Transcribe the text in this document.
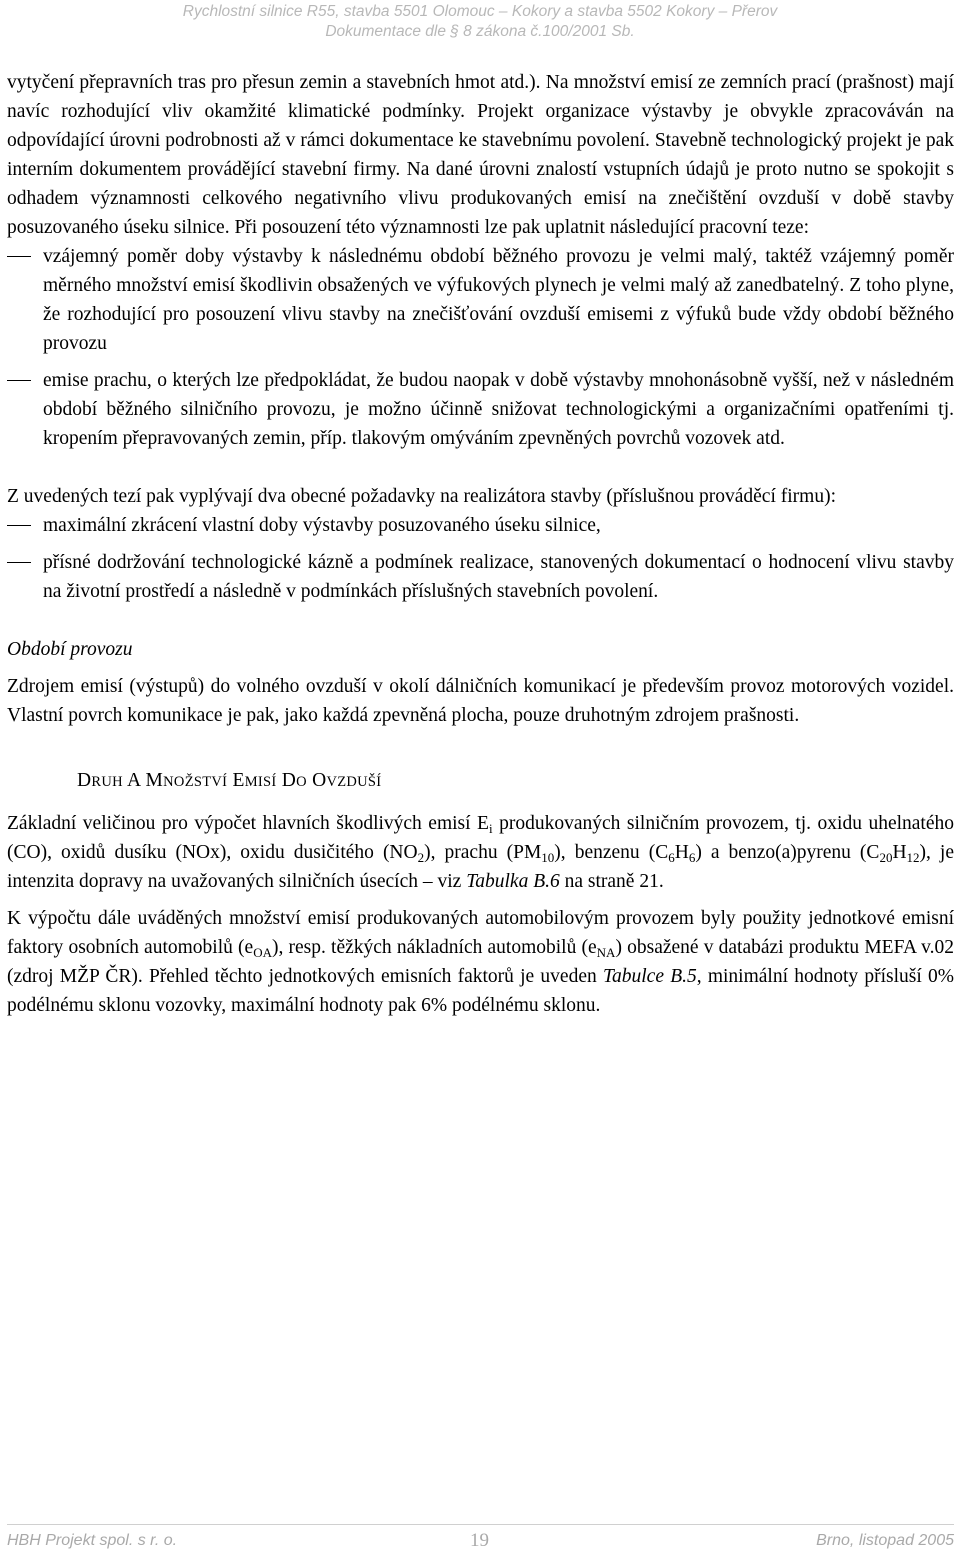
Rychlostní silnice R55, stavba 5501 Olomouc – Kokory a stavba 5502 Kokory – Přerov
Dokumentace dle § 8 zákona č.100/2001 Sb.

vytyčení přepravních tras pro přesun zemin a stavebních hmot atd.). Na množství emisí ze zemních prací (prašnost) mají navíc rozhodující vliv okamžité klimatické podmínky. Projekt organizace výstavby je obvykle zpracováván na odpovídající úrovni podrobnosti až v rámci dokumentace ke stavebnímu povolení. Stavebně technologický projekt je pak interním dokumentem provádějící stavební firmy. Na dané úrovni znalostí vstupních údajů je proto nutno se spokojit s odhadem významnosti celkového negativního vlivu produkovaných emisí na znečištění ovzduší v době stavby posuzovaného úseku silnice. Při posouzení této významnosti lze pak uplatnit následující pracovní teze:

vzájemný poměr doby výstavby k následnému období běžného provozu je velmi malý, taktéž vzájemný poměr měrného množství emisí škodlivin obsažených ve výfukových plynech je velmi malý až zanedbatelný. Z toho plyne, že rozhodující pro posouzení vlivu stavby na znečišťování ovzduší emisemi z výfuků bude vždy období běžného provozu
emise prachu, o kterých lze předpokládat, že budou naopak v době výstavby mnohonásobně vyšší, než v následném období běžného silničního provozu, je možno účinně snižovat technologickými a organizačními opatřeními tj. kropením přepravovaných zemin, příp. tlakovým omýváním zpevněných povrchů vozovek atd.

Z uvedených tezí pak vyplývají dva obecné požadavky na realizátora stavby (příslušnou prováděcí firmu):

maximální zkrácení vlastní doby výstavby posuzovaného úseku silnice,
přísné dodržování technologické kázně a podmínek realizace, stanovených dokumentací o hodnocení vlivu stavby na životní prostředí a následně v podmínkách příslušných stavebních povolení.

Období provozu

Zdrojem emisí (výstupů) do volného ovzduší v okolí dálničních komunikací je především provoz motorových vozidel. Vlastní povrch komunikace je pak, jako každá zpevněná plocha, pouze druhotným zdrojem prašnosti.

DRUH A MNOŽSTVÍ EMISÍ DO OVZDUŠÍ

Základní veličinou pro výpočet hlavních škodlivých emisí $E_i$ produkovaných silničním provozem, tj. oxidu uhelnatého (CO), oxidů dusíku (NOx), oxidu dusičitého $(NO_2)$, prachu $(PM_{10})$, benzenu $(C_6H_6)$ a benzo(a)pyrenu $(C_{20}H_{12})$, je intenzita dopravy na uvažovaných silničních úsecích – viz Tabulka B.6 na straně 21.

K výpočtu dále uváděných množství emisí produkovaných automobilovým provozem byly použity jednotkové emisní faktory osobních automobilů $(e_{OA})$, resp. těžkých nákladních automobilů $(e_{NA})$ obsažené v databázi produktu MEFA v.02 (zdroj MŽP ČR). Přehled těchto jednotkových emisních faktorů je uveden Tabulce B.5, minimální hodnoty přísluší 0% podélnému sklonu vozovky, maximální hodnoty pak 6% podélnému sklonu.

HBH Projekt spol. s r. o.	19	Brno, listopad 2005
